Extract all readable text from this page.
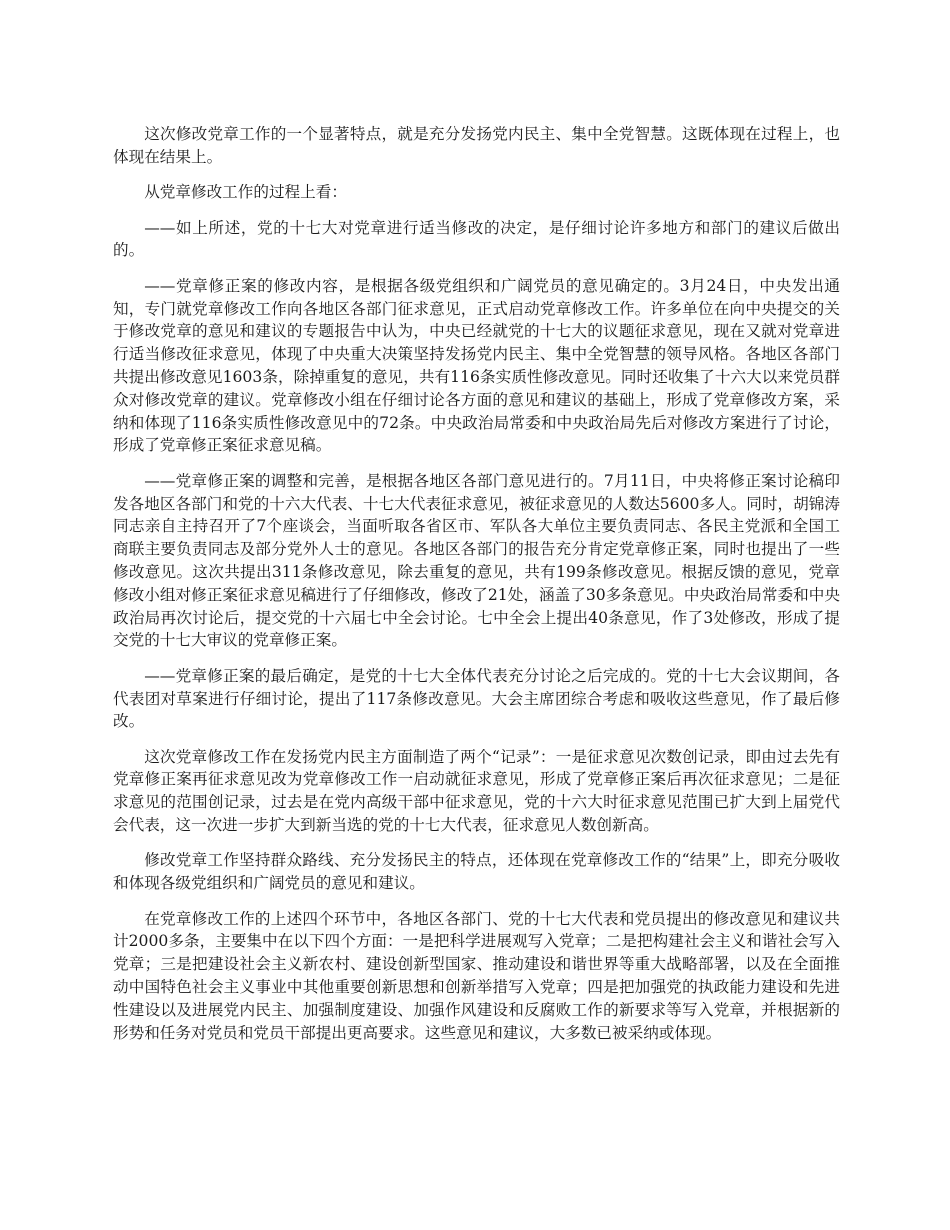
这次修改党章工作的一个显著特点，就是充分发扬党内民主、集中全党智慧。这既体现在过程上，也体现在结果上。

从党章修改工作的过程上看：

——如上所述，党的十七大对党章进行适当修改的决定，是仔细讨论许多地方和部门的建议后做出的。

——党章修正案的修改内容，是根据各级党组织和广阔党员的意见确定的。3月24日，中央发出通知，专门就党章修改工作向各地区各部门征求意见，正式启动党章修改工作。许多单位在向中央提交的关于修改党章的意见和建议的专题报告中认为，中央已经就党的十七大的议题征求意见，现在又就对党章进行适当修改征求意见，体现了中央重大决策坚持发扬党内民主、集中全党智慧的领导风格。各地区各部门共提出修改意见1603条，除掉重复的意见，共有116条实质性修改意见。同时还收集了十六大以来党员群众对修改党章的建议。党章修改小组在仔细讨论各方面的意见和建议的基础上，形成了党章修改方案，采纳和体现了116条实质性修改意见中的72条。中央政治局常委和中央政治局先后对修改方案进行了讨论，形成了党章修正案征求意见稿。

——党章修正案的调整和完善，是根据各地区各部门意见进行的。7月11日，中央将修正案讨论稿印发各地区各部门和党的十六大代表、十七大代表征求意见，被征求意见的人数达5600多人。同时，胡锦涛同志亲自主持召开了7个座谈会，当面听取各省区市、军队各大单位主要负责同志、各民主党派和全国工商联主要负责同志及部分党外人士的意见。各地区各部门的报告充分肯定党章修正案，同时也提出了一些修改意见。这次共提出311条修改意见，除去重复的意见，共有199条修改意见。根据反馈的意见，党章修改小组对修正案征求意见稿进行了仔细修改，修改了21处，涵盖了30多条意见。中央政治局常委和中央政治局再次讨论后，提交党的十六届七中全会讨论。七中全会上提出40条意见，作了3处修改，形成了提交党的十七大审议的党章修正案。

——党章修正案的最后确定，是党的十七大全体代表充分讨论之后完成的。党的十七大会议期间，各代表团对草案进行仔细讨论，提出了117条修改意见。大会主席团综合考虑和吸收这些意见，作了最后修改。

这次党章修改工作在发扬党内民主方面制造了两个“记录”：一是征求意见次数创记录，即由过去先有党章修正案再征求意见改为党章修改工作一启动就征求意见，形成了党章修正案后再次征求意见；二是征求意见的范围创记录，过去是在党内高级干部中征求意见，党的十六大时征求意见范围已扩大到上届党代会代表，这一次进一步扩大到新当选的党的十七大代表，征求意见人数创新高。

修改党章工作坚持群众路线、充分发扬民主的特点，还体现在党章修改工作的“结果”上，即充分吸收和体现各级党组织和广阔党员的意见和建议。

在党章修改工作的上述四个环节中，各地区各部门、党的十七大代表和党员提出的修改意见和建议共计2000多条，主要集中在以下四个方面：一是把科学进展观写入党章；二是把构建社会主义和谐社会写入党章；三是把建设社会主义新农村、建设创新型国家、推动建设和谐世界等重大战略部署，以及在全面推动中国特色社会主义事业中其他重要创新思想和创新举措写入党章；四是把加强党的执政能力建设和先进性建设以及进展党内民主、加强制度建设、加强作风建设和反腐败工作的新要求等写入党章，并根据新的形势和任务对党员和党员干部提出更高要求。这些意见和建议，大多数已被采纳或体现。
